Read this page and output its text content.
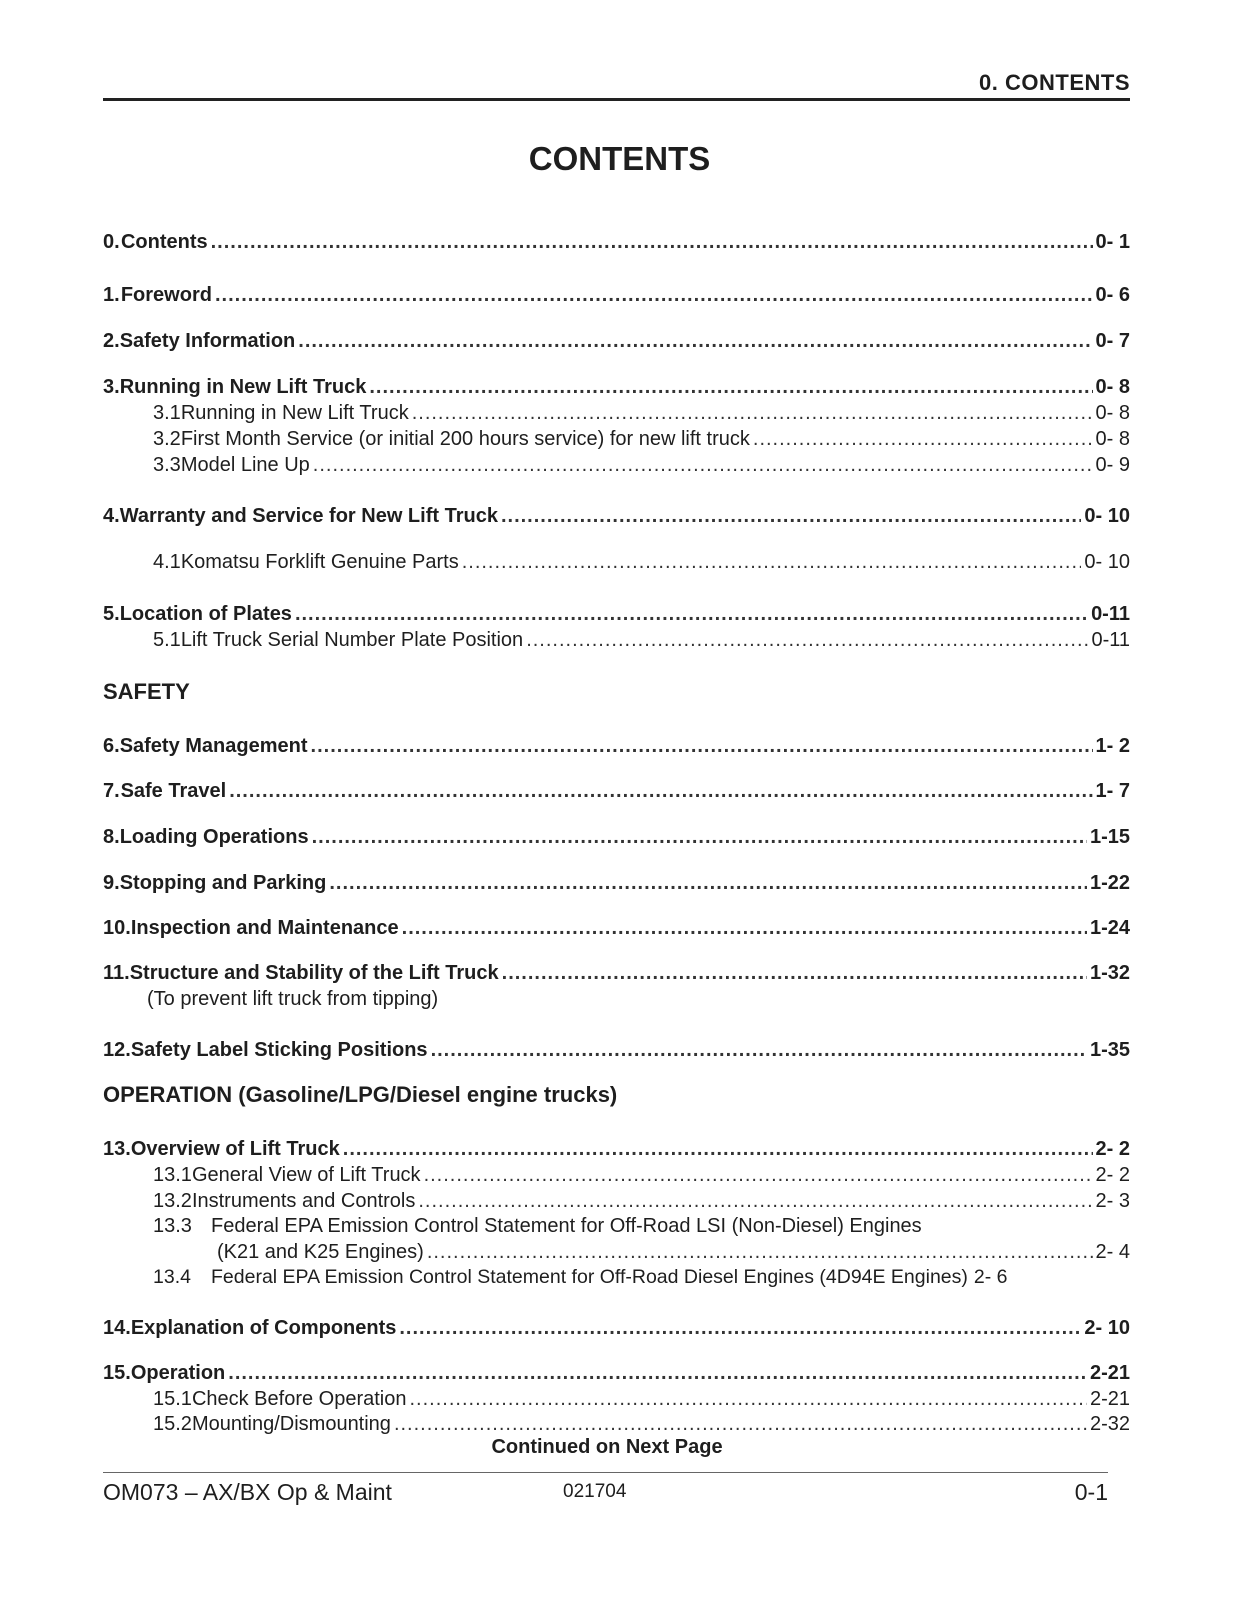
0. CONTENTS
CONTENTS
0. Contents .....	0- 1
1. Foreword .....	0- 6
2. Safety Information .....	0- 7
3. Running in New Lift Truck .....	0- 8
3.1 Running in New Lift Truck .....	0- 8
3.2 First Month Service (or initial 200 hours service) for new lift truck .....	0- 8
3.3 Model Line Up .....	0- 9
4. Warranty and Service for New Lift Truck .....	0- 10
4.1 Komatsu Forklift Genuine Parts .....	0- 10
5. Location of Plates .....	0-11
5.1 Lift Truck Serial Number Plate Position .....	0-11
SAFETY
6. Safety Management .....	1- 2
7. Safe Travel .....	1- 7
8. Loading Operations .....	1-15
9. Stopping and Parking .....	1-22
10. Inspection and Maintenance .....	1-24
11. Structure and Stability of the Lift Truck .....	1-32
(To prevent lift truck from tipping)
12. Safety Label Sticking Positions .....	1-35
OPERATION (Gasoline/LPG/Diesel engine trucks)
13. Overview of Lift Truck .....	2- 2
13.1 General View of Lift Truck .....	2- 2
13.2 Instruments and Controls .....	2- 3
13.3 Federal EPA Emission Control Statement for Off-Road LSI (Non-Diesel) Engines
(K21 and K25 Engines) .....	2- 4
13.4	Federal EPA Emission Control Statement for Off-Road Diesel Engines (4D94E Engines) 2- 6
14. Explanation of Components .....	2- 10
15. Operation .....	2-21
15.1 Check Before Operation .....	2-21
15.2 Mounting/Dismounting .....	2-32
Continued on Next Page
OM073 – AX/BX Op & Maint	021704	0-1
